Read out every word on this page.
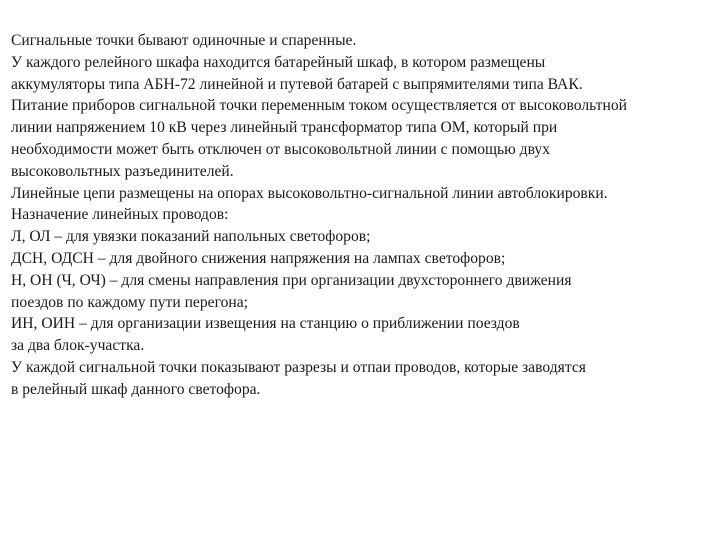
Сигнальные точки бывают одиночные и спаренные.
У каждого релейного шкафа находится батарейный шкаф, в котором размещены
аккумуляторы типа АБН-72 линейной и путевой батарей с выпрямителями типа ВАК.
Питание приборов сигнальной точки переменным током осуществляется от высоковольтной
линии напряжением 10 кВ через линейный трансформатор типа ОМ, который при
необходимости может быть отключен от высоковольтной линии с помощью двух
высоковольтных разъединителей.
Линейные цепи размещены на опорах высоковольтно-сигнальной линии автоблокировки.
Назначение линейных проводов:
Л, ОЛ – для увязки показаний напольных светофоров;
ДСН, ОДСН – для двойного снижения напряжения на лампах светофоров;
Н, ОН (Ч, ОЧ) – для смены направления при организации двухстороннего движения
поездов по каждому пути перегона;
ИН, ОИН – для организации извещения на станцию о приближении поездов
за два блок-участка.
У каждой сигнальной точки показывают разрезы и отпаи проводов, которые заводятся
в релейный шкаф данного светофора.
